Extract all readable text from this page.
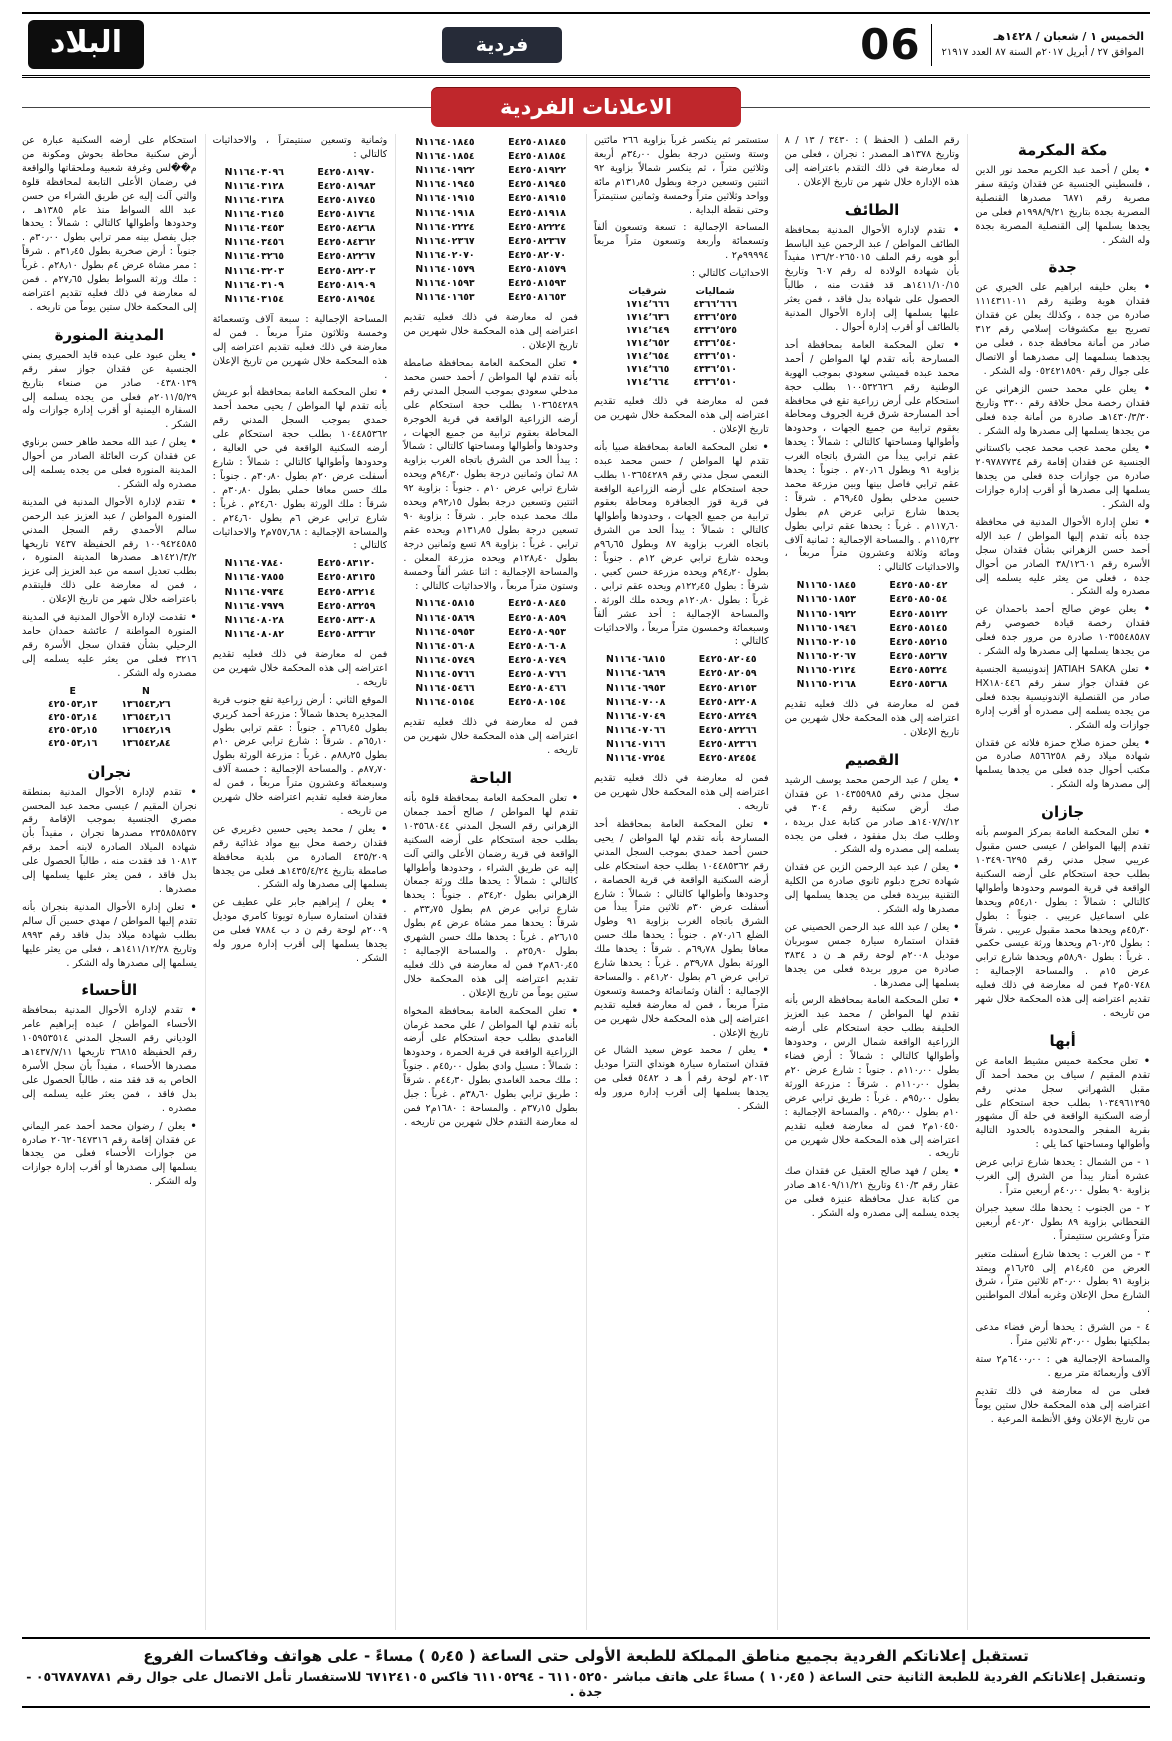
الخميس ١ / شعبان / ١٤٢٨هـ
الموافق ٢٧ / أبريل ٢٠١٧م السنة ٨٧ العدد ٢١٩١٧
06
فردية
البلاد
الاعلانات الفردية
مكة المكرمة

• يعلن / أحمد عبد الكريم محمد نور الدين ، فلسطيني الجنسية عن فقدان وثيقة سفر مصرية رقم ٦٨٧١ مصدرها القنصلية المصرية بجدة بتاريخ ١٩٩٨/٩/٢١م فعلى من يجدها يسلمها إلى القنصلية المصرية بجدة وله الشكر .

جدة

• يعلن خليفه ابراهيم على الخيري عن فقدان هوية وطنية رقم ١١١٤٣١١٠١١ صادرة من جدة ، وكذلك يعلن عن فقدان تصريح بيع مكشوفات إسلامي رقم ٣١٢ صادر من أمانة محافظة جدة ، فعلى من يجدهما يسلمهما إلى مصدرهما أو الاتصال على جوال رقم ٠٥٢٤٢١٨٥٩٠ وله الشكر .

• يعلن علي محمد حسن الزهراني عن فقدان رخصة محل حلاقة رقم ٣٣٠٠ وتاريخ ١٤٣٠/٣/٣٠هـ صادرة من أمانة جدة فعلى من يجدها يسلمها إلى مصدرها وله الشكر .

• يعلن محمد عجب محمد عجب باكستاني الجنسية عن فقدان إقامة رقم ٢٠٩٧٨٧٧٣٤ صادرة من جوازات جدة فعلى من يجدها يسلمها إلى مصدرها أو أقرب إدارة جوازات وله الشكر .

• تعلن إدارة الأحوال المدنية في محافظة جدة بأنه تقدم إليها المواطن / عبد الإله أحمد حسن الزهراني بشأن فقدان سجل الأسرة رقم ٣٨/١٢٦٠١ الصادر من أحوال جدة ، فعلى من يعثر عليه يسلمه إلى مصدره وله الشكر .

• يعلن عوض صالح أحمد باحمدان عن فقدان رخصة قيادة خصوصي رقم ١٠٣٥٥٤٨٥٨٧ صادرة من مرور جدة فعلى من يجدها يسلمها إلى مصدرها وله الشكر .

• تعلن JATIAH SAKA إندونيسية الجنسية عن فقدان جواز سفر رقم HX١٨٠٤٤٦ صادر من القنصلية الإندونيسية بجدة فعلى من يجده يسلمه إلى مصدره أو أقرب إدارة جوازات وله الشكر .

• يعلن حمزة صلاح حمزة فلاته عن فقدان شهادة ميلاد رقم ٨٥٦٦٢٥٨ صادرة من مكتب أحوال جدة فعلى من يجدها يسلمها إلى مصدرها وله الشكر .

جازان

• تعلن المحكمة العامة بمركز الموسم بأنه تقدم إليها المواطن / عيسى حسن مقبول عريبي سجل مدني رقم ١٠٣٤٩٠٦٢٩٥ بطلب حجة استحكام على أرضه السكنية الواقعة في قرية الموسم وحدودها وأطوالها كالتالي : شمالاً : بطول ٥٤٫١٠م ويحدها علي اسماعيل عريبي . جنوباً : بطول ٤٥٫٣٠م ويحدها محمد مقبول عريبي . شرقاً : بطول ٦٠٫٢٥م ويحدها ورثة عيسى حكمي . غرباً : بطول ٥٨٫٩٠م ويحدها شارع ترابي عرض ١٥م . والمساحة الإجمالية : ٥٠٧٤٨م٢ فمن له معارضة في ذلك فعليه تقديم اعتراضه إلى هذه المحكمة خلال شهر من تاريخه .

أبها

• تعلن محكمة خميس مشيط العامة عن تقدم المقيم / سياف بن محمد أحمد آل مقبل الشهراني سجل مدني رقم ١٠٣٤٩٦١٢٩٥ بطلب حجة استحكام على أرضه السكنية الواقعة في حلة آل مشهور بقرية المفجر والمحدودة بالحدود التالية وأطوالها ومساحتها كما يلي :

١ - من الشمال : يحدها شارع ترابي عرض عشرة أمتار يبدأ من الشرق إلى الغرب بزاوية ٩٠ بطول ٤٠٫٠٠م أربعين متراً .

٢ - من الجنوب : يحدها ملك سعيد جبران القحطاني بزاوية ٨٩ بطول ٤٠٫٢٠م أربعين متراً وعشرين سنتيمتراً .

٣ - من الغرب : يحدها شارع أسفلت متغير العرض من ١٤٫٤٥م إلى ١٦٫٢٥م ويمتد بزاوية ٩١ بطول ٣٠٫٠٠م ثلاثين متراً ، شرق الشارع محل الإعلان وغربه أملاك المواطنين .

٤ - من الشرق : يحدها أرض فضاء مدعى بملكيتها بطول ٣٠٫٠٠م ثلاثين متراً .

والمساحة الإجمالية هي : ٦٤٠٠٫٠٠م٢ ستة آلاف وأربعمائة متر مربع .

فعلى من له معارضة في ذلك تقديم اعتراضه إلى هذه المحكمة خلال ستين يوماً من تاريخ الإعلان وفق الأنظمة المرعية .

رقم الملف ( الحفظ ) : ٣٤٣٠ / ١٣ / ٨ وتاريخ ١٣٧٨هـ المصدر : نجران ، فعلى من له معارضة في ذلك التقدم باعتراضه إلى هذه الإدارة خلال شهر من تاريخ الإعلان .

الطائف

• تقدم لإدارة الأحوال المدنية بمحافظة الطائف المواطن / عبد الرحمن عيد الباسط أبو هويه رقم الملف ١٣٦/٢٠٢٦٥٠١٥ مفيداً بأن شهادة الولادة له رقم ٦٠٧ وتاريخ ١٤١١/١٠/١٥هـ قد فقدت منه ، طالباً الحصول على شهادة بدل فاقد ، فمن يعثر عليها يسلمها إلى إدارة الأحوال المدنية بالطائف أو أقرب إدارة أحوال .

• تعلن المحكمة العامة بمحافظة أحد المسارحة بأنه تقدم لها المواطن / أحمد محمد عبده قميشي سعودي بموجب الهوية الوطنية رقم ١٠٠٥٣٢٦٢٦ بطلب حجة استحكام على أرض زراعية تقع في محافظة أحد المسارحة شرق قرية الجروف ومحاطة بعقوم ترابية من جميع الجهات ، وحدودها وأطوالها ومساحتها كالتالي : شمالاً : يحدها عقم ترابي يبدأ من الشرق باتجاه الغرب بزاوية ٩١ وبطول ٧٠٫١٦م . جنوباً : يحدها عقم ترابي فاصل بينها وبين مزرعة محمد حسين مدخلي بطول ٦٩٫٤٥م . شرقاً : يحدها شارع ترابي عرض ٨م بطول ١١٧٫٦٠م . غرباً : يحدها عقم ترابي بطول ١١٥٫٣٢م . والمساحة الإجمالية : ثمانية آلاف ومائة وثلاثة وعشرون متراً مربعاً ، والاحداثيات كالتالي :

E٤٢٥٠٨٥٠٤٢
N١١٦٥٠١٨٤٥
E٤٢٥٠٨٥٠٥٤
N١١٦٥٠١٨٥٣
E٤٢٥٠٨٥١٢٢
N١١٦٥٠١٩٢٢
E٤٢٥٠٨٥١٤٥
N١١٦٥٠١٩٤٦
E٤٢٥٠٨٥٢١٥
N١١٦٥٠٢٠١٥
E٤٢٥٠٨٥٢٦٧
N١١٦٥٠٢٠٦٧
E٤٢٥٠٨٥٣٢٤
N١١٦٥٠٢١٢٤
E٤٢٥٠٨٥٣٦٨
N١١٦٥٠٢١٦٨

فمن له معارضة في ذلك فعليه تقديم اعتراضه إلى هذه المحكمة خلال شهرين من تاريخ الإعلان .

القصيم

• يعلن / عبد الرحمن محمد يوسف الرشيد سجل مدني رقم ١٠٤٣٥٥٩٨٥ عن فقدان صك أرض سكنية رقم ٣٠٤ في ١٤٠٧/٧/١٢هـ صادر من كتابة عدل بريدة ، وطلب صك بدل مفقود ، فعلى من يجده يسلمه إلى مصدره وله الشكر .

• يعلن / عبد عبد الرحمن الزين عن فقدان شهادة تخرج دبلوم ثانوي صادرة من الكلية التقنية ببريدة فعلى من يجدها يسلمها إلى مصدرها وله الشكر .

• يعلن / عبد الله عبد الرحمن الحصيني عن فقدان استمارة سيارة جمس سوبربان موديل ٢٠٠٨م لوحة رقم هـ ن د ٣٨٣٤ صادرة من مرور بريدة فعلى من يجدها يسلمها إلى مصدرها .

• تعلن المحكمة العامة بمحافظة الرس بأنه تقدم لها المواطن / محمد عبد العزيز الخليفة بطلب حجة استحكام على أرضه الزراعية الواقعة شمال الرس ، وحدودها وأطوالها كالتالي : شمالاً : أرض فضاء بطول ١١٠٫٠٠م . جنوباً : شارع عرض ٢٠م بطول ١١٠٫٠٠م . شرقاً : مزرعة الورثة بطول ٩٥٫٠٠م . غرباً : طريق ترابي عرض ١٠م بطول ٩٥٫٠٠م . والمساحة الإجمالية : ١٠٤٥٠م٢ فمن له معارضة فعليه تقديم اعتراضه إلى هذه المحكمة خلال شهرين من تاريخه .

• يعلن / فهد صالح العقيل عن فقدان صك عقار رقم ٤١٠/٣ وتاريخ ١٤٠٩/١١/٢١هـ صادر من كتابة عدل محافظة عنيزة فعلى من يجده يسلمه إلى مصدره وله الشكر .

ستستمر ثم ينكسر غرباً بزاوية ٢٦٦ مائتين وستة وستين درجة بطول ٣٤٫٠٠م أربعة وثلاثين متراً ، ثم ينكسر شمالاً بزاوية ٩٢ اثنتين وتسعين درجة وبطول ١٣١٫٨٥م مائة وواحد وثلاثين متراً وخمسة وثمانين سنتيمتراً وحتى نقطة البداية .

المساحة الإجمالية : تسعة وتسعون ألفاً وتسعمائة وأربعة وتسعون متراً مربعاً ٩٩٩٩٤م٢ .

الاحداثيات كالتالي :

شماليات	شرقيات
٤٣٦٦٬٦٦٦	١٧١٤٬٦٦٦
٤٣٣٦٬٥٢٥	١٧١٤٬٦٣٦
٤٣٣٦٬٥٢٥	١٧١٤٬٦٤٩
٤٣٣٦٬٥٤٠	١٧١٤٬٦٥٢
٤٣٣٦٬٥١٠	١٧١٤٬٦٥٤
٤٣٣٦٬٥١٠	١٧١٤٬٦٦٥
٤٣٣٦٬٥١٠	١٧١٤٬٦٦٤

فمن له معارضة في ذلك فعليه تقديم اعتراضه إلى هذه المحكمة خلال شهرين من تاريخ الإعلان .

• تعلن المحكمة العامة بمحافظة صبيا بأنه تقدم لها المواطن / حسن محمد عبده النعمي سجل مدني رقم ١٠٣٦٥٤٢٨٩ بطلب حجة استحكام على أرضه الزراعية الواقعة في قرية قوز الجعافرة ومحاطة بعقوم ترابية من جميع الجهات ، وحدودها وأطوالها كالتالي : شمالاً : يبدأ الحد من الشرق باتجاه الغرب بزاوية ٨٧ وبطول ٩٦٫٦٥م ويحده شارع ترابي عرض ١٢م . جنوباً : بطول ٩٤٫٢٠م ويحده مزرعة حسن كعبي . شرقاً : بطول ١٢٢٫٤٥م ويحده عقم ترابي . غرباً : بطول ١٢٠٫٨٠م ويحده ملك الورثة . والمساحة الإجمالية : أحد عشر ألفاً وسبعمائة وخمسون متراً مربعاً ، والاحداثيات كالتالي :

E٤٢٥٠٨٢٠٤٥
N١١٦٤٠٦٨١٥
E٤٢٥٠٨٢٠٥٩
N١١٦٤٠٦٨٦٩
E٤٢٥٠٨٢١٥٣
N١١٦٤٠٦٩٥٣
E٤٢٥٠٨٢٢٠٨
N١١٦٤٠٧٠٠٨
E٤٢٥٠٨٢٢٤٩
N١١٦٤٠٧٠٤٩
E٤٢٥٠٨٢٢٦٦
N١١٦٤٠٧٠٦٦
E٤٢٥٠٨٢٣٦٦
N١١٦٤٠٧١٦٦
E٤٢٥٠٨٢٤٥٤
N١١٦٤٠٧٢٥٤

فمن له معارضة في ذلك فعليه تقديم اعتراضه إلى هذه المحكمة خلال شهرين من تاريخه .

• تعلن المحكمة العامة بمحافظة أحد المسارحة بأنه تقدم لها المواطن / يحيى حسن أحمد حمدي بموجب السجل المدني رقم ١٠٤٤٨٥٣٦٢ بطلب حجة استحكام على أرضه السكنية الواقعة في قرية الحصامة ، وحدودها وأطوالها كالتالي : شمالاً : شارع أسفلت عرض ٣٠م ثلاثين متراً يبدأ من الشرق باتجاه الغرب بزاوية ٩١ وطول الضلع ٧٠٫١٦م . جنوباً : يحدها ملك حسن معافا بطول ٦٩٫٧٨م . شرقاً : يحدها ملك الورثة بطول ٣٩٫٧٨م . غرباً : يحدها شارع ترابي عرض ٦م بطول ٤١٫٢٠م . والمساحة الإجمالية : ألفان وثمانمائة وخمسة وتسعون متراً مربعاً ، فمن له معارضة فعليه تقديم اعتراضه إلى هذه المحكمة خلال شهرين من تاريخ الإعلان .

• يعلن / محمد عوض سعيد الشال عن فقدان استمارة سيارة هونداي النترا موديل ٢٠١٣م لوحة رقم أ هـ د ٥٤٨٢ فعلى من يجدها يسلمها إلى أقرب إدارة مرور وله الشكر .

E٤٢٥٠٨١٨٤٥
N١١٦٤٠١٨٤٥
E٤٢٥٠٨١٨٥٤
N١١٦٤٠١٨٥٤
E٤٢٥٠٨١٩٢٢
N١١٦٤٠١٩٢٢
E٤٢٥٠٨١٩٤٥
N١١٦٤٠١٩٤٥
E٤٢٥٠٨١٩١٥
N١١٦٤٠١٩١٥
E٤٢٥٠٨١٩١٨
N١١٦٤٠١٩١٨
E٤٢٥٠٨٢٢٢٤
N١١٦٤٠٢٢٢٤
E٤٢٥٠٨٢٣٦٧
N١١٦٤٠٢٣٦٧
E٤٢٥٠٨٢٠٧٠
N١١٦٤٠٢٠٧٠
E٤٢٥٠٨١٥٧٩
N١١٦٤٠١٥٧٩
E٤٢٥٠٨١٥٩٣
N١١٦٤٠١٥٩٣
E٤٢٥٠٨١٦٥٣
N١١٦٤٠١٦٥٣

فمن له معارضة في ذلك فعليه تقديم اعتراضه إلى هذه المحكمة خلال شهرين من تاريخ الإعلان .

• تعلن المحكمة العامة بمحافظة صامطة بأنه تقدم لها المواطن / أحمد حسن محمد مدخلي سعودي بموجب السجل المدني رقم ١٠٣٦٥٤٢٨٩ بطلب حجة استحكام على أرضه الزراعية الواقعة في قرية الخوجرة المحاطة بعقوم ترابية من جميع الجهات ، وحدودها وأطوالها ومساحتها كالتالي : شمالاً : يبدأ الحد من الشرق باتجاه الغرب بزاوية ٨٨ ثمان وثمانين درجة بطول ٩٤٫٣٠م ويحده شارع ترابي عرض ١٠م . جنوباً : بزاوية ٩٢ اثنتين وتسعين درجة بطول ٩٢٫١٥م ويحده ملك محمد عبده جابر . شرقاً : بزاوية ٩٠ تسعين درجة بطول ١٣١٫٨٥م ويحده عقم ترابي . غرباً : بزاوية ٨٩ تسع وثمانين درجة بطول ١٢٨٫٤٠م ويحده مزرعة المعلن . والمساحة الإجمالية : اثنا عشر ألفاً وخمسة وستون متراً مربعاً ، والاحداثيات كالتالي :

E٤٢٥٠٨٠٨٤٥
N١١٦٤٠٥٨١٥
E٤٢٥٠٨٠٨٥٩
N١١٦٤٠٥٨٦٩
E٤٢٥٠٨٠٩٥٣
N١١٦٤٠٥٩٥٣
E٤٢٥٠٨٠٦٠٨
N١١٦٤٠٥٦٠٨
E٤٢٥٠٨٠٧٤٩
N١١٦٤٠٥٧٤٩
E٤٢٥٠٨٠٧٦٦
N١١٦٤٠٥٧٦٦
E٤٢٥٠٨٠٤٦٦
N١١٦٤٠٥٤٦٦
E٤٢٥٠٨٠١٥٤
N١١٦٤٠٥١٥٤

فمن له معارضة في ذلك فعليه تقديم اعتراضه إلى هذه المحكمة خلال شهرين من تاريخه .

الباحة

• تعلن المحكمة العامة بمحافظة قلوة بأنه تقدم لها المواطن / صالح أحمد جمعان الزهراني رقم السجل المدني ١٠٣٥٦٨٠٤٤ بطلب حجة استحكام على أرضه السكنية الواقعة في قرية رضمان الأعلى والتي آلت إليه عن طريق الشراء ، وحدودها وأطوالها كالتالي : شمالاً : يحدها ملك ورثة جمعان الزهراني بطول ٣٤٫٢٠م . جنوباً : يحدها شارع ترابي عرض ٨م بطول ٣٣٫٧٥م . شرقاً : يحدها ممر مشاة عرض ٤م بطول ٢٦٫١٥م . غرباً : يحدها ملك حسن الشهري بطول ٢٥٫٩٠م . والمساحة الإجمالية : ٨٦٠٫٤٥م٢ فمن له معارضة في ذلك فعليه تقديم اعتراضه إلى هذه المحكمة خلال ستين يوماً من تاريخ الإعلان .

• تعلن المحكمة العامة بمحافظة المخواة بأنه تقدم لها المواطن / علي محمد غرمان الغامدي بطلب حجة استحكام على أرضه الزراعية الواقعة في قرية الحمرة ، وحدودها : شمالاً : مسيل وادي بطول ٤٥٫٠٠م . جنوباً : ملك محمد الغامدي بطول ٤٤٫٣٠م . شرقاً : طريق ترابي بطول ٣٨٫٦٠م . غرباً : جبل بطول ٣٧٫١٥م . والمساحة : ١٦٨٠م٢ فمن له معارضة التقدم خلال شهرين من تاريخه .

وثمانية وتسعين سنتيمتراً ، والاحداثيات كالتالي :

E٤٢٥٠٨١٩٧٠
N١١٦٤٠٣٠٩٦
E٤٢٥٠٨١٩٨٣
N١١٦٤٠٣١٢٨
E٤٢٥٠٨١٧٤٥
N١١٦٤٠٣١٣٨
E٤٢٥٠٨١٧٦٤
N١١٦٤٠٣١٤٥
E٤٢٥٠٨٤٢٦٨
N١١٦٤٠٣٤٥٣
E٤٢٥٠٨٤٣٦٢
N١١٦٤٠٣٤٥٦
E٤٢٥٠٨٢٢٦٧
N١١٦٤٠٣٢٦٥
E٤٢٥٠٨٢٢٠٣
N١١٦٤٠٣٢٠٣
E٤٢٥٠٨١٩٠٩
N١١٦٤٠٣١٠٩
E٤٢٥٠٨١٩٥٤
N١١٦٤٠٣١٥٤

المساحة الإجمالية : سبعة آلاف وتسعمائة وخمسة وثلاثون متراً مربعاً . فمن له معارضة في ذلك فعليه تقديم اعتراضه إلى هذه المحكمة خلال شهرين من تاريخ الإعلان .

• تعلن المحكمة العامة بمحافظة أبو عريش بأنه تقدم لها المواطن / يحيى محمد أحمد حمدي بموجب السجل المدني رقم ١٠٤٤٨٥٣٦٢ بطلب حجة استحكام على أرضه السكنية الواقعة في حي العالية ، وحدودها وأطوالها كالتالي : شمالاً : شارع أسفلت عرض ٢٠م بطول ٣٠٫٨٠م . جنوباً : ملك حسن معافا حملي بطول ٣٠٫٨٠م . شرقاً : ملك الورثة بطول ٢٤٫٦٠م . غرباً : شارع ترابي عرض ٦م بطول ٢٤٫٦٠م . والمساحة الإجمالية : ٧٥٧٫٦٨م٢ والاحداثيات كالتالي :

E٤٢٥٠٨٣١٢٠
N١١٦٤٠٧٨٤٠
E٤٢٥٠٨٣١٣٥
N١١٦٤٠٧٨٥٥
E٤٢٥٠٨٣٢١٤
N١١٦٤٠٧٩٣٤
E٤٢٥٠٨٣٢٥٩
N١١٦٤٠٧٩٧٩
E٤٢٥٠٨٣٣٠٨
N١١٦٤٠٨٠٢٨
E٤٢٥٠٨٣٣٦٢
N١١٦٤٠٨٠٨٢

فمن له معارضة في ذلك فعليه تقديم اعتراضه إلى هذه المحكمة خلال شهرين من تاريخه .

الموقع الثاني : أرض زراعية تقع جنوب قرية المجديرة يحدها شمالاً : مزرعة أحمد كريري بطول ٦٦٫٤٥م . جنوباً : عقم ترابي بطول ٦٥٫١٠م . شرقاً : شارع ترابي عرض ١٠م بطول ٨٨٫٢٥م . غرباً : مزرعة الورثة بطول ٨٧٫٧٠م . والمساحة الإجمالية : خمسة آلاف وسبعمائة وعشرون متراً مربعاً ، فمن له معارضة فعليه تقديم اعتراضه خلال شهرين من تاريخه .

• يعلن / محمد يحيى حسين دغريري عن فقدان رخصة محل بيع مواد غذائية رقم ٤٣٥/٢٠٩ الصادرة من بلدية محافظة صامطة بتاريخ ١٤٣٥/٤/٢٤هـ فعلى من يجدها يسلمها إلى مصدرها وله الشكر .

• يعلن / إبراهيم جابر علي عطيف عن فقدان استمارة سيارة تويوتا كامري موديل ٢٠٠٩م لوحة رقم ن د ب ٧٨٨٤ فعلى من يجدها يسلمها إلى أقرب إدارة مرور وله الشكر .

استحكام على أرضه السكنية عبارة عن أرض سكنية محاطة بحوش ومكونة من م��لس وغرفة شعبية وملحقاتها والواقعة في رضمان الأعلى التابعة لمحافظة قلوة والتي آلت إليه عن طريق الشراء من حسن عبد الله السواط منذ عام ١٣٨٥هـ ، وحدودها وأطوالها كالتالي : شمالاً : يحدها جبل يفصل بينه ممر ترابي بطول ٣٠٫٠٠م . جنوباً : أرض صخرية بطول ٣١٫٤٥م . شرقاً : ممر مشاة عرض ٤م بطول ٢٨٫١٠م . غرباً : ملك ورثة السواط بطول ٢٧٫٦٥م . فمن له معارضة في ذلك فعليه تقديم اعتراضه إلى المحكمة خلال ستين يوماً من تاريخه .

المدينة المنورة

• يعلن عبود على عبده قايد الحميري يمني الجنسية عن فقدان جواز سفر رقم ٠٤٣٨٠١٣٩ صادر من صنعاء بتاريخ ٢٠١١/٥/٢٩م فعلى من يجده يسلمه إلى السفارة اليمنية أو أقرب إدارة جوازات وله الشكر .

• يعلن / عبد الله محمد طاهر حسن برناوي عن فقدان كرت العائلة الصادر من أحوال المدينة المنورة فعلى من يجده يسلمه إلى مصدره وله الشكر .

• تقدم لإدارة الأحوال المدنية في المدينة المنورة المواطن / عبد العزيز عبد الرحمن سالم الأحمدي رقم السجل المدني ١٠٠٩٤٢٤٥٨٥ رقم الحفيظة ٧٤٣٧ تاريخها ١٤٢١/٣/٢هـ مصدرها المدينة المنورة ، بطلب تعديل اسمه من عبد العزيز إلى عزيز ، فمن له معارضة على ذلك فليتقدم باعتراضه خلال شهر من تاريخ الإعلان .

• تقدمت لإدارة الأحوال المدنية في المدينة المنورة المواطنة / عائشة حمدان حامد الرحيلي بشأن فقدان سجل الأسرة رقم ٣٢١٦ فعلى من يعثر عليه يسلمه إلى مصدره وله الشكر .

N	E
١٣٦٥٤٣٫٢٦	٤٢٥٠٥٣٫١٣
١٣٦٥٤٣٫١٦	٤٢٥٠٥٣٫١٤
١٣٦٥٤٢٫١٩	٤٢٥٠٥٣٫١٥
١٣٦٥٤٢٫٨٤	٤٢٥٠٥٣٫١٦
نجران

• تقدم لإدارة الأحوال المدنية بمنطقة نجران المقيم / عيسى محمد عبد المحسن مصري الجنسية بموجب الإقامة رقم ٢٣٥٨٥٨٥٣٧ مصدرها نجران ، مفيداً بأن شهادة الميلاد الصادرة لابنه أحمد برقم ١٠٨١٣ قد فقدت منه ، طالباً الحصول على بدل فاقد ، فمن يعثر عليها يسلمها إلى مصدرها .

• تعلن إدارة الأحوال المدنية بنجران بأنه تقدم إليها المواطن / مهدي حسين آل سالم بطلب شهادة ميلاد بدل فاقد رقم ٨٩٩٣ وتاريخ ١٤١١/١٢/٢٨هـ ، فعلى من يعثر عليها يسلمها إلى مصدرها وله الشكر .

الأحساء

• تقدم لإدارة الأحوال المدنية بمحافظة الأحساء المواطن / عبده إبراهيم عامر الودياني رقم السجل المدني ١٠٥٩٥٣٥١٤ رقم الحفيظة ٣٦٨١٥ تاريخها ١٤٣٧/٧/١١هـ مصدرها الأحساء ، مفيداً بأن سجل الأسرة الخاص به قد فقد منه ، طالباً الحصول على بدل فاقد ، فمن يعثر عليه يسلمه إلى مصدره .

• يعلن / رضوان محمد أحمد عمر اليماني عن فقدان إقامة رقم ٢٠٦٢٠٦٤٧٣١٦ صادرة من جوازات الأحساء فعلى من يجدها يسلمها إلى مصدرها أو أقرب إدارة جوازات وله الشكر .

تستقبل إعلاناتكم الفردية بجميع مناطق المملكة للطبعة الأولى حتى الساعة ( ٥٫٤٥ ) مساءً - على هواتف وفاكسات الفروع
وتستقبل إعلاناتكم الفردية للطبعة الثانية حتى الساعة ( ١٠٫٤٥ ) مساءً على هاتف مباشر ٦١١٠٥٢٥٠ - ٦١١٠٥٢٩٤ فاكس ٦٧١٢٤١٠٥ للاستفسار تأمل الاتصال على جوال رقم ٠٥٦٧٨٧٨٧٨١ - جدة .
